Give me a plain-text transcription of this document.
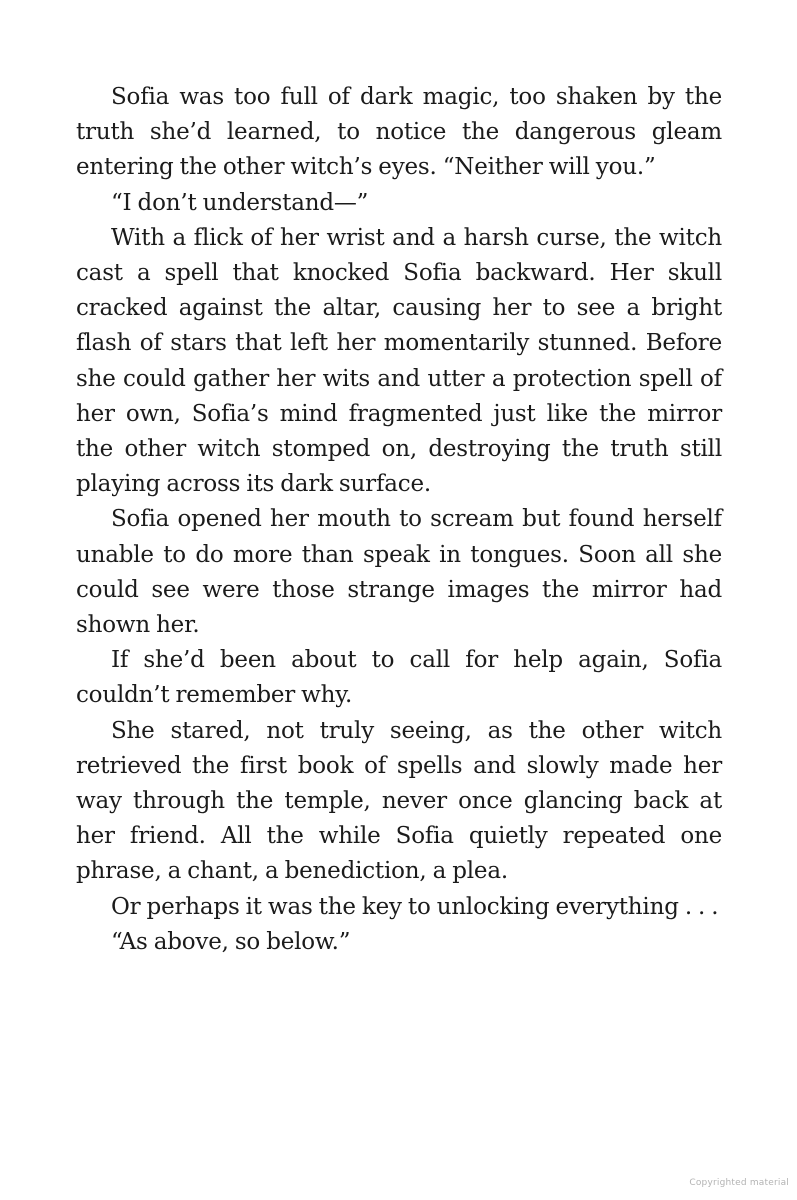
Sofia was too full of dark magic, too shaken by the truth she’d learned, to notice the dangerous gleam entering the other witch’s eyes. “Neither will you.”

“I don’t understand—”

With a flick of her wrist and a harsh curse, the witch cast a spell that knocked Sofia backward. Her skull cracked against the altar, causing her to see a bright flash of stars that left her momentarily stunned. Before she could gather her wits and utter a protection spell of her own, Sofia’s mind fragmented just like the mirror the other witch stomped on, destroying the truth still playing across its dark surface.

Sofia opened her mouth to scream but found herself unable to do more than speak in tongues. Soon all she could see were those strange images the mirror had shown her.

If she’d been about to call for help again, Sofia couldn’t remember why.

She stared, not truly seeing, as the other witch retrieved the first book of spells and slowly made her way through the temple, never once glancing back at her friend. All the while Sofia quietly repeated one phrase, a chant, a benediction, a plea.

Or perhaps it was the key to unlocking everything . . .

“As above, so below.”

Copyrighted material
